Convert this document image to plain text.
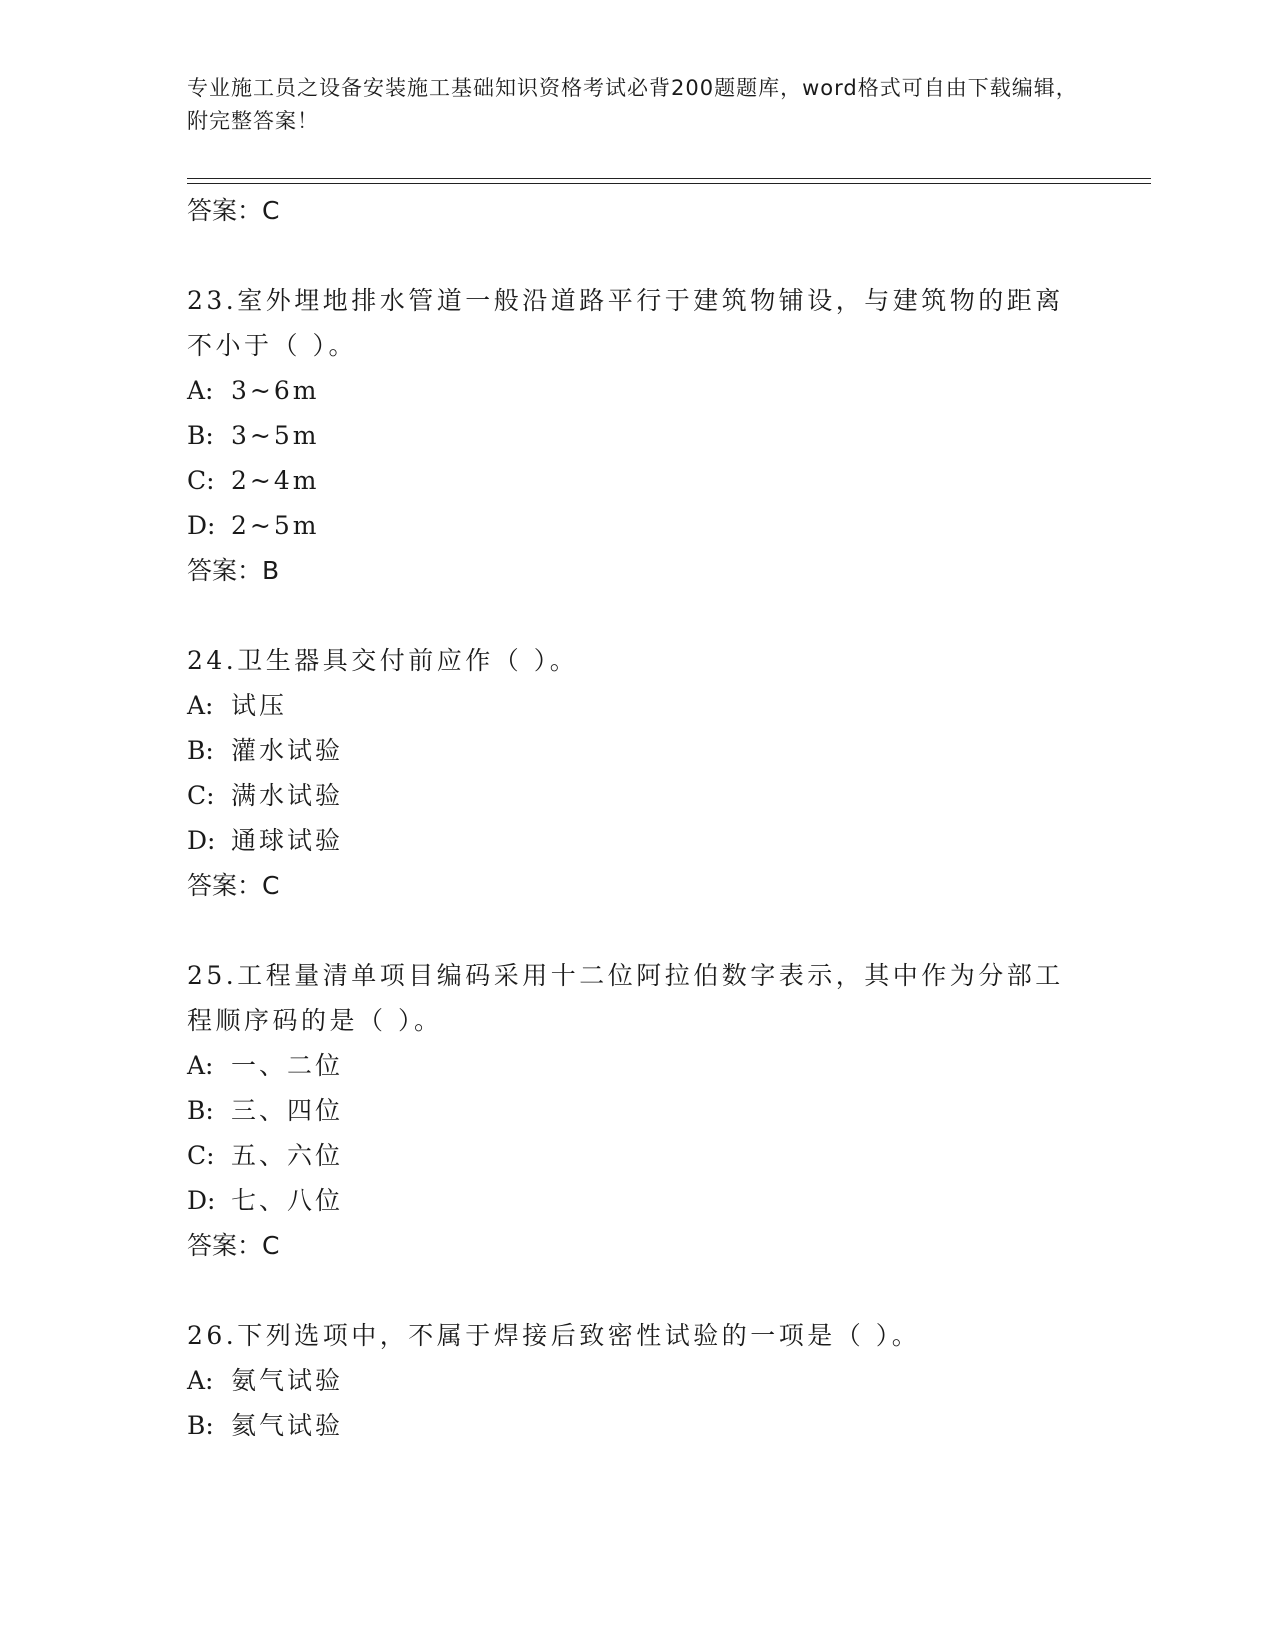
专业施工员之设备安装施工基础知识资格考试必背200题题库，word格式可自由下载编辑，附完整答案！
答案：C
23.室外埋地排水管道一般沿道路平行于建筑物铺设，与建筑物的距离不小于（ ）。
A: 3~6m
B: 3~5m
C: 2~4m
D: 2~5m
答案：B
24.卫生器具交付前应作（ ）。
A: 试压
B: 灌水试验
C: 满水试验
D: 通球试验
答案：C
25.工程量清单项目编码采用十二位阿拉伯数字表示，其中作为分部工程顺序码的是（ ）。
A: 一、二位
B: 三、四位
C: 五、六位
D: 七、八位
答案：C
26.下列选项中，不属于焊接后致密性试验的一项是（ ）。
A: 氨气试验
B: 氦气试验
